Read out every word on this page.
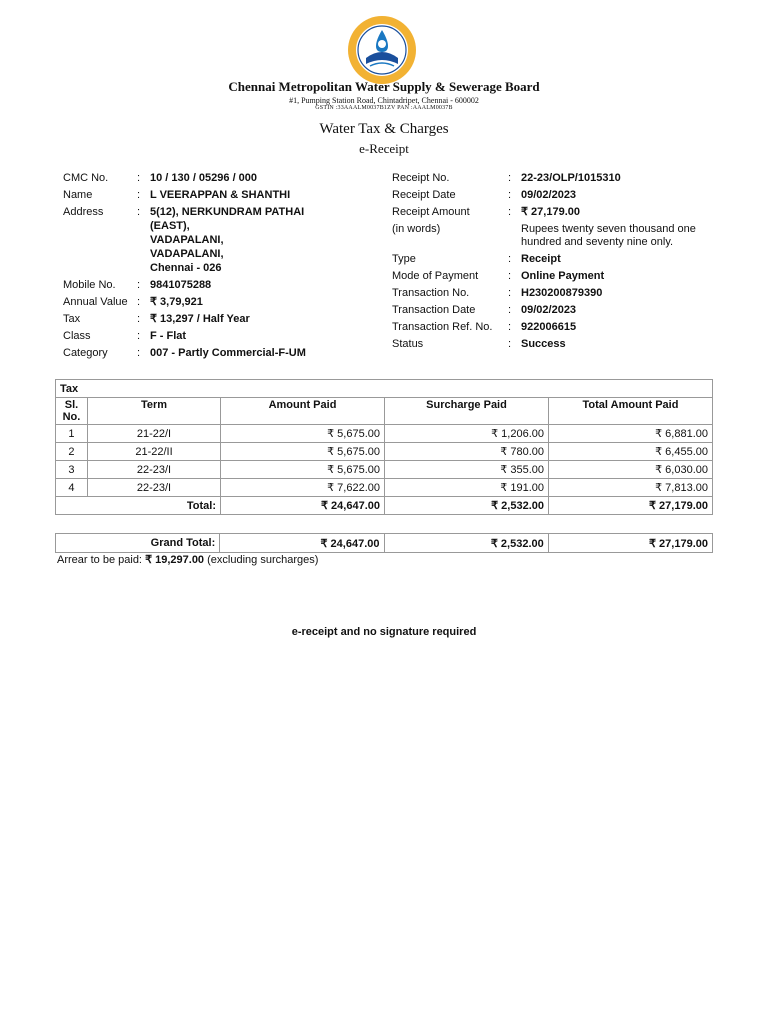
Chennai Metropolitan Water Supply & Sewerage Board
#1, Pumping Station Road, Chintadripet, Chennai - 600002
GSTIN :33AAALM0037B1ZV PAN :AAALM0037B
Water Tax & Charges
e-Receipt
CMC No.	: 10 / 130 / 05296 / 000
Name	: L VEERAPPAN & SHANTHI
Address	: 5(12), NERKUNDRAM PATHAI
(EAST),
VADAPALANI,
VADAPALANI,
Chennai - 026
Mobile No.	: 9841075288
Annual Value : ₹ 3,79,921
Tax	: ₹ 13,297 / Half Year
Class	: F - Flat
Category	: 007 - Partly Commercial-F-UM
Receipt No.	: 22-23/OLP/1015310
Receipt Date	: 09/02/2023
Receipt Amount	: ₹ 27,179.00
(in words)	Rupees twenty seven thousand one hundred and seventy nine only.
Type	: Receipt
Mode of Payment	: Online Payment
Transaction No.	: H230200879390
Transaction Date	: 09/02/2023
Transaction Ref. No.	: 922006615
Status	: Success
Tax				
Sl. No.	Term	Amount Paid	Surcharge Paid	Total Amount Paid
1	21-22/I	₹ 5,675.00	₹ 1,206.00	₹ 6,881.00
2	21-22/II	₹ 5,675.00	₹ 780.00	₹ 6,455.00
3	22-23/I	₹ 5,675.00	₹ 355.00	₹ 6,030.00
4	22-23/I	₹ 7,622.00	₹ 191.00	₹ 7,813.00
Total:		₹ 24,647.00	₹ 2,532.00	₹ 27,179.00
Grand Total:	₹ 24,647.00	₹ 2,532.00	₹ 27,179.00
Arrear to be paid: ₹ 19,297.00 (excluding surcharges)
e-receipt and no signature required
